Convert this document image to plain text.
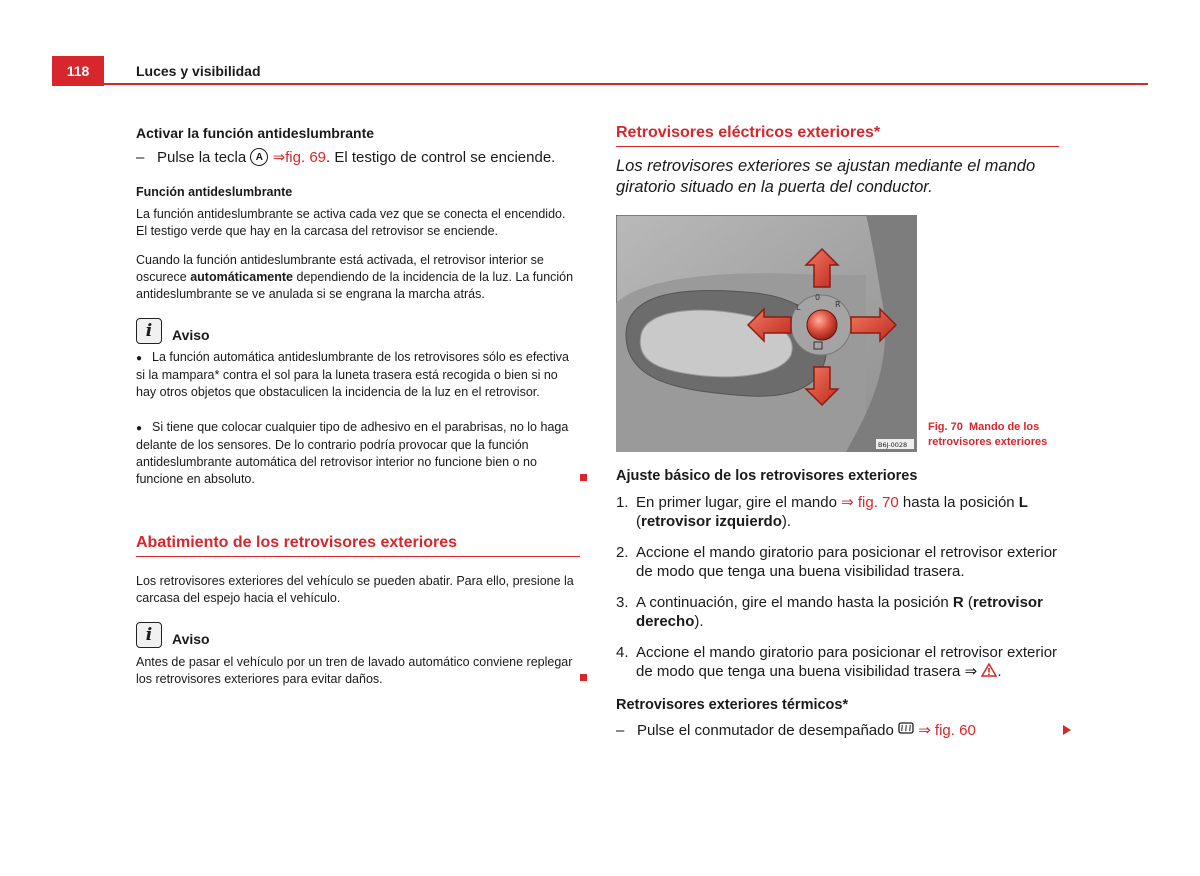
118	Luces y visibilidad
Activar la función antideslumbrante
– Pulse la tecla A ⇒fig. 69. El testigo de control se enciende.
Función antideslumbrante

La función antideslumbrante se activa cada vez que se conecta el encendido. El testigo verde que hay en la carcasa del retrovisor se enciende.

Cuando la función antideslumbrante está activada, el retrovisor interior se oscurece automáticamente dependiendo de la incidencia de la luz. La función antideslumbrante se ve anulada si se engrana la marcha atrás.

i	Aviso
● La función automática antideslumbrante de los retrovisores sólo es efectiva si la mampara* contra el sol para la luneta trasera está recogida o bien si no hay otros objetos que obstaculicen la incidencia de la luz en el retrovisor.
● Si tiene que colocar cualquier tipo de adhesivo en el parabrisas, no lo haga delante de los sensores. De lo contrario podría provocar que la función antideslumbrante automática del retrovisor interior no funcione bien o no funcione en absoluto.
Abatimiento de los retrovisores exteriores

Los retrovisores exteriores del vehículo se pueden abatir. Para ello, presione la carcasa del espejo hacia el vehículo.

i	Aviso

Antes de pasar el vehículo por un tren de lavado automático conviene replegar los retrovisores exteriores para evitar daños.

Retrovisores eléctricos exteriores*
Los retrovisores exteriores se ajustan mediante el mando giratorio situado en la puerta del conductor.
L
0
R
B6J-0028
Fig. 70 Mando de los retrovisores exteriores
Ajuste básico de los retrovisores exteriores
1. En primer lugar, gire el mando ⇒ fig. 70 hasta la posición L (retrovisor izquierdo).
2. Accione el mando giratorio para posicionar el retrovisor exterior de modo que tenga una buena visibilidad trasera.
3. A continuación, gire el mando hasta la posición R (retrovisor derecho).
4. Accione el mando giratorio para posicionar el retrovisor exterior de modo que tenga una buena visibilidad trasera ⇒ .
Retrovisores exteriores térmicos*
– Pulse el conmutador de desempañado ⇒ fig. 60
